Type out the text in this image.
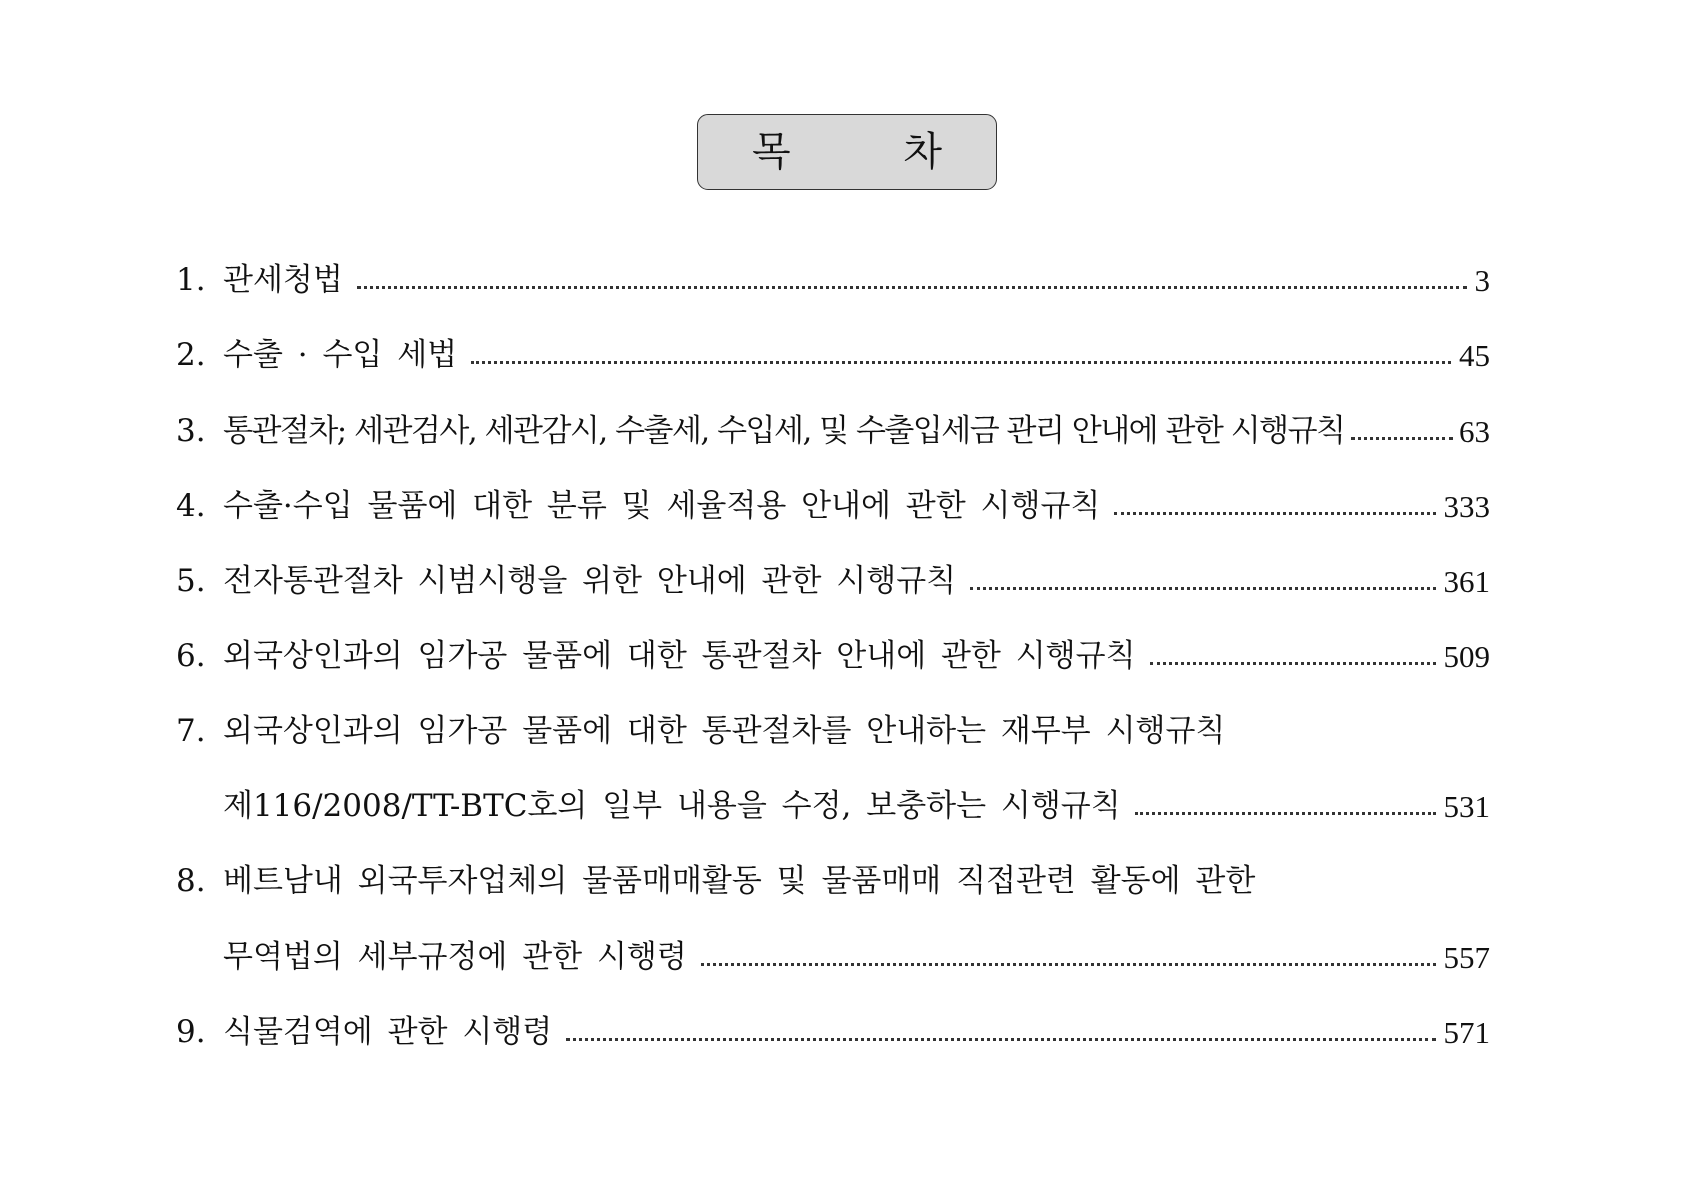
목 차
1. 관세청법	3
2. 수출 · 수입 세법	45
3. 통관절차; 세관검사, 세관감시, 수출세, 수입세, 및 수출입세금 관리 안내에 관한 시행규칙	63
4. 수출·수입 물품에 대한 분류 및 세율적용 안내에 관한 시행규칙	333
5. 전자통관절차 시범시행을 위한 안내에 관한 시행규칙	361
6. 외국상인과의 임가공 물품에 대한 통관절차 안내에 관한 시행규칙	509
7. 외국상인과의 임가공 물품에 대한 통관절차를 안내하는 재무부 시행규칙
제116/2008/TT-BTC호의 일부 내용을 수정, 보충하는 시행규칙	531
8. 베트남내 외국투자업체의 물품매매활동 및 물품매매 직접관련 활동에 관한
무역법의 세부규정에 관한 시행령	557
9. 식물검역에 관한 시행령	571
